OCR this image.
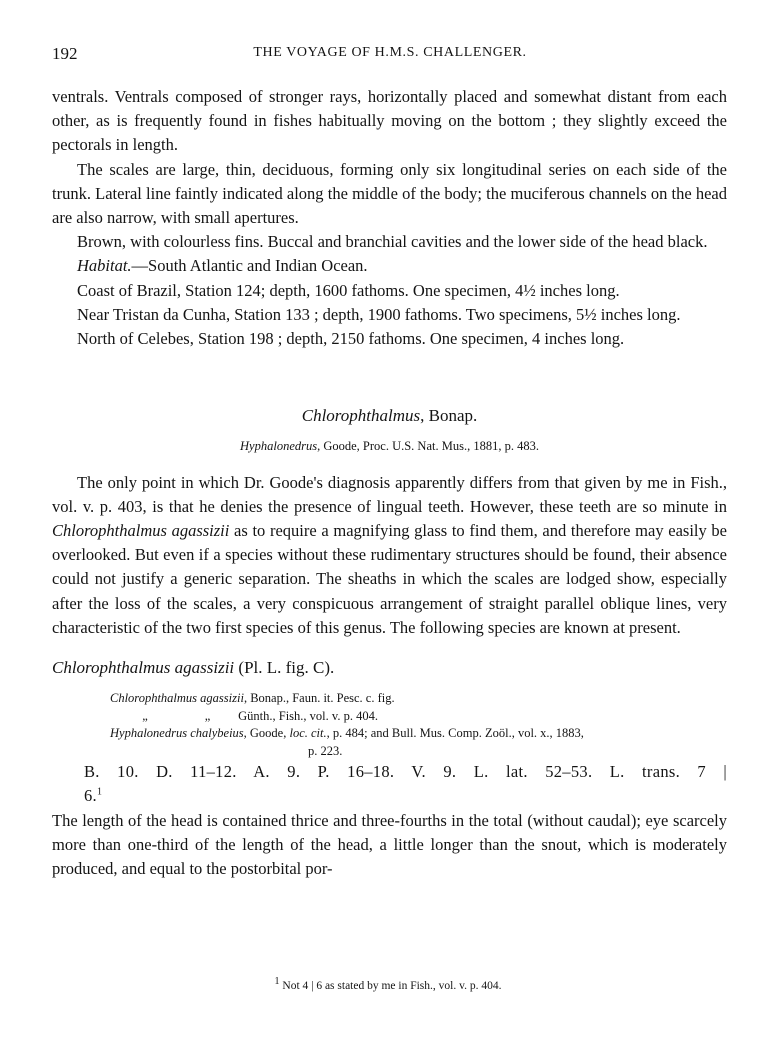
192	THE VOYAGE OF H.M.S. CHALLENGER.

ventrals. Ventrals composed of stronger rays, horizontally placed and somewhat distant from each other, as is frequently found in fishes habitually moving on the bottom ; they slightly exceed the pectorals in length.

The scales are large, thin, deciduous, forming only six longitudinal series on each side of the trunk. Lateral line faintly indicated along the middle of the body; the muciferous channels on the head are also narrow, with small apertures.

Brown, with colourless fins. Buccal and branchial cavities and the lower side of the head black.

Habitat.—South Atlantic and Indian Ocean.

Coast of Brazil, Station 124; depth, 1600 fathoms. One specimen, 4½ inches long.

Near Tristan da Cunha, Station 133 ; depth, 1900 fathoms. Two specimens, 5½ inches long.

North of Celebes, Station 198 ; depth, 2150 fathoms. One specimen, 4 inches long.

Chlorophthalmus, Bonap.

Hyphalonedrus, Goode, Proc. U.S. Nat. Mus., 1881, p. 483.

The only point in which Dr. Goode's diagnosis apparently differs from that given by me in Fish., vol. v. p. 403, is that he denies the presence of lingual teeth. However, these teeth are so minute in Chlorophthalmus agassizii as to require a magnifying glass to find them, and therefore may easily be overlooked. But even if a species without these rudimentary structures should be found, their absence could not justify a generic separation. The sheaths in which the scales are lodged show, especially after the loss of the scales, a very conspicuous arrangement of straight parallel oblique lines, very characteristic of the two first species of this genus. The following species are known at present.

Chlorophthalmus agassizii (Pl. L. fig. C).

Chlorophthalmus agassizii, Bonap., Faun. it. Pesc. c. fig.
„	„ Günth., Fish., vol. v. p. 404.
Hyphalonedrus chalybeius, Goode, loc. cit., p. 484; and Bull. Mus. Comp. Zoöl., vol. x., 1883,
p. 223.

B. 10. D. 11–12. A. 9. P. 16–18. V. 9. L. lat. 52–53. L. trans. 7 | 6.$^1$

The length of the head is contained thrice and three-fourths in the total (without caudal); eye scarcely more than one-third of the length of the head, a little longer than the snout, which is moderately produced, and equal to the postorbital por-

$^1$ Not 4 | 6 as stated by me in Fish., vol. v. p. 404.
